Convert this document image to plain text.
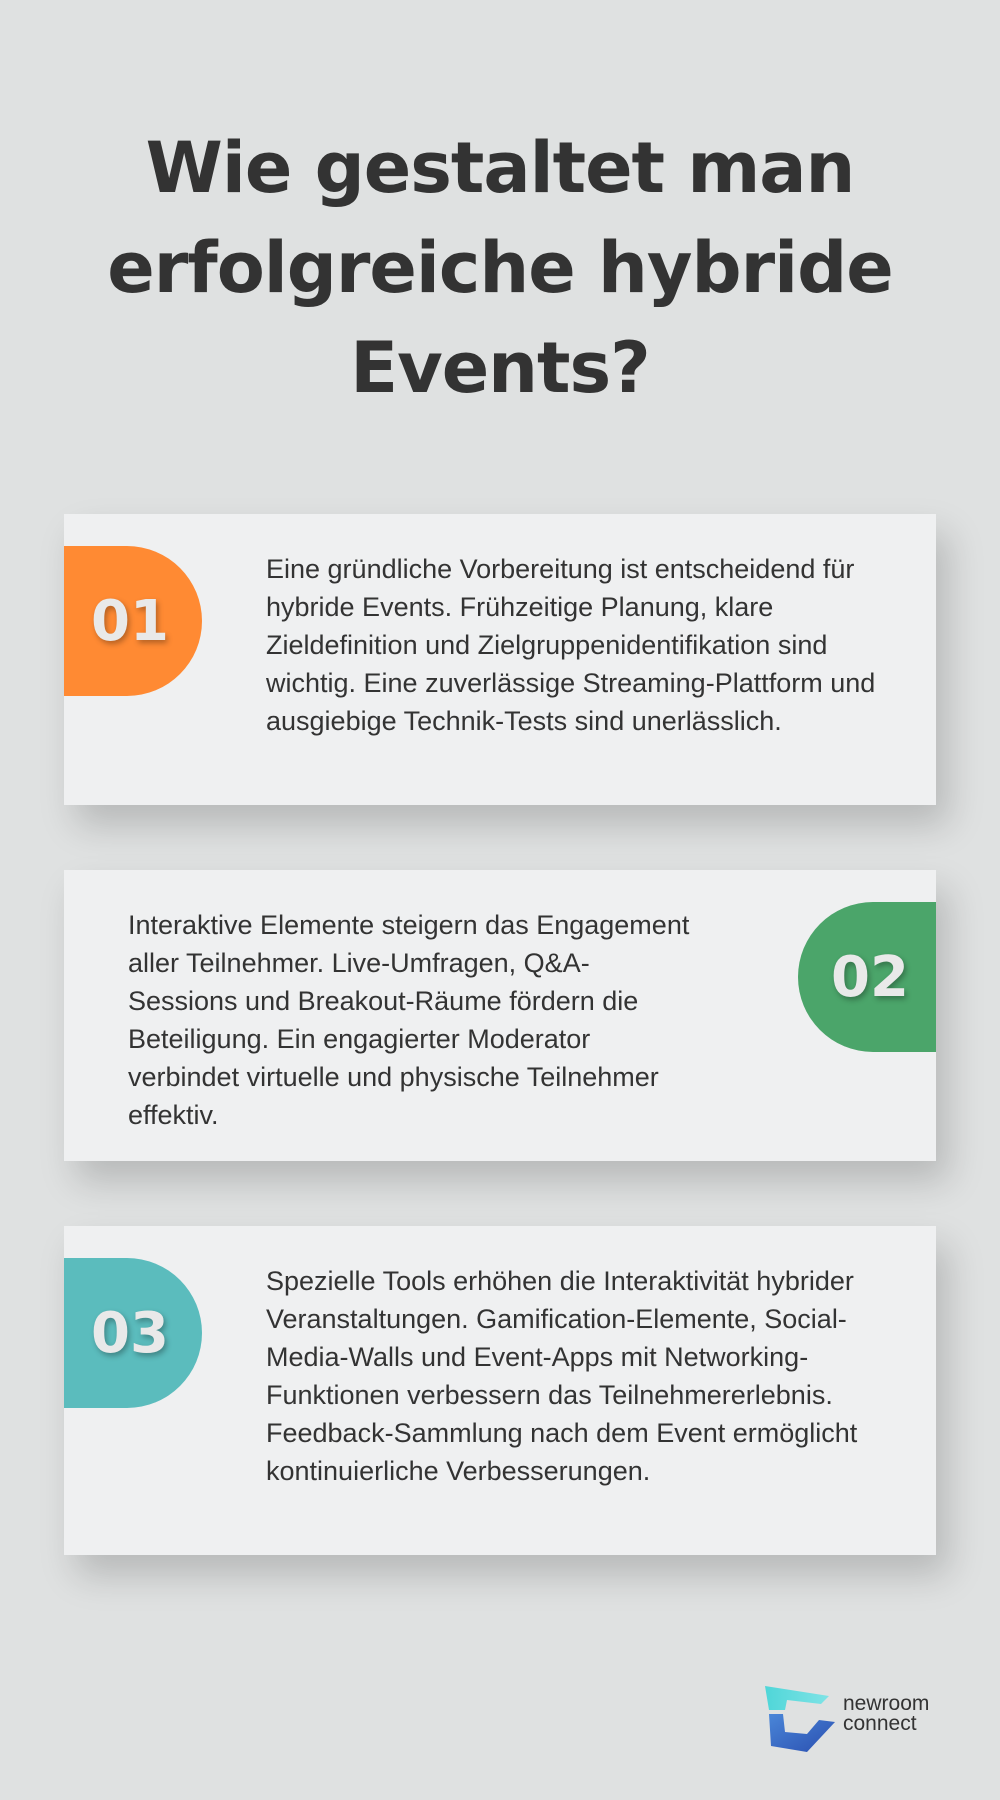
Wie gestaltet man erfolgreiche hybride Events?
01

Eine gründliche Vorbereitung ist entscheidend für hybride Events. Frühzeitige Planung, klare Zieldefinition und Zielgruppenidentifikation sind wichtig. Eine zuverlässige Streaming-Plattform und ausgiebige Technik-Tests sind unerlässlich.

Interaktive Elemente steigern das Engagement aller Teilnehmer. Live-Umfragen, Q&A-Sessions und Breakout-Räume fördern die Beteiligung. Ein engagierter Moderator verbindet virtuelle und physische Teilnehmer effektiv.

02
03

Spezielle Tools erhöhen die Interaktivität hybrider Veranstaltungen. Gamification-Elemente, Social-Media-Walls und Event-Apps mit Networking-Funktionen verbessern das Teilnehmererlebnis. Feedback-Sammlung nach dem Event ermöglicht kontinuierliche Verbesserungen.

newroom
connect
